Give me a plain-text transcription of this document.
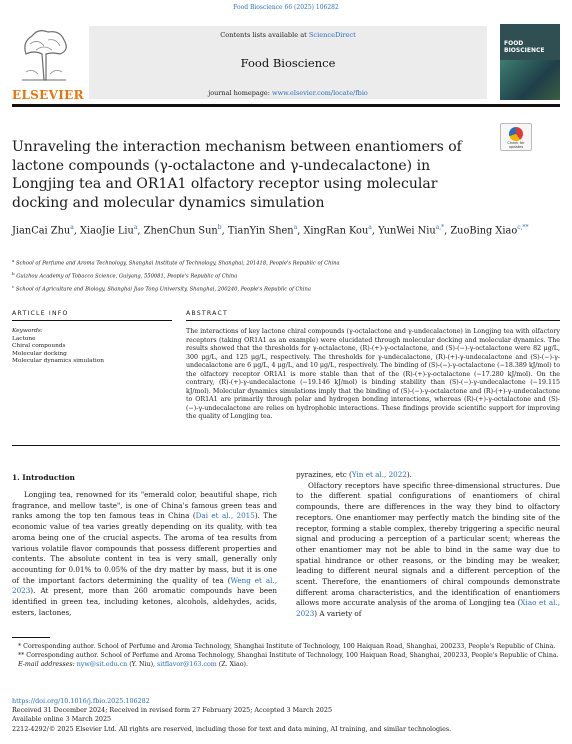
Food Bioscience 66 (2025) 106282
ELSEVIER
Contents lists available at ScienceDirect
Food Bioscience
journal homepage: www.elsevier.com/locate/fbio
FOOD
BIOSCIENCE
Unraveling the interaction mechanism between enantiomers of lactone compounds (γ-octalactone and γ-undecalactone) in Longjing tea and OR1A1 olfactory receptor using molecular docking and molecular dynamics simulation
Check for
updates
JianCai Zhu$^a$, XiaoJie Liu$^a$, ZhenChun Sun$^b$, TianYin Shen$^a$, XingRan Kou$^a$, YunWei Niu$^{a,*}$, ZuoBing Xiao$^{c,**}$
$^a$ School of Perfume and Aroma Technology, Shanghai Institute of Technology, Shanghai, 201418, People's Republic of China
$^b$ Guizhou Academy of Tobacco Science, Guiyang, 550081, People's Republic of China
$^c$ School of Agriculture and Biology, Shanghai Jiao Tong University, Shanghai, 200240, People's Republic of China
ARTICLE INFO	ABSTRACT
Keywords:
Lactone
Chiral compounds
Molecular docking
Molecular dynamics simulation
The interactions of key lactone chiral compounds (γ-octalactone and γ-undecalactone) in Longjing tea with olfactory receptors (taking OR1A1 as an example) were elucidated through molecular docking and molecular dynamics. The results showed that the thresholds for γ-octalactone, (R)-(+)-γ-octalactone, and (S)-(−)-γ-octalactone were 82 μg/L, 300 μg/L, and 125 μg/L, respectively. The thresholds for γ-undecalactone, (R)-(+)-γ-undecalactone and (S)-(−)-γ-undecalactone are 6 μg/L, 4 μg/L, and 10 μg/L, respectively. The binding of (S)-(−)-γ-octalactone (−18.389 kJ/mol) to the olfactory receptor OR1A1 is more stable than that of the (R)-(+)-γ-octalactone (−17.280 kJ/mol). On the contrary, (R)-(+)-γ-undecalactone (−19.146 kJ/mol) is binding stability than (S)-(−)-γ-undecalactone (−19.115 kJ/mol). Molecular dynamics simulations imply that the binding of (S)-(−)-γ-octalactone and (R)-(+)-γ-undecalactone to OR1A1 are primarily through polar and hydrogen bonding interactions, whereas (R)-(+)-γ-octalactone and (S)-(−)-γ-undecalactone are relies on hydrophobic interactions. These findings provide scientific support for improving the quality of Longjing tea.
1. Introduction

Longjing tea, renowned for its "emerald color, beautiful shape, rich fragrance, and mellow taste", is one of China's famous green teas and ranks among the top ten famous teas in China (Dai et al., 2015). The economic value of tea varies greatly depending on its quality, with tea aroma being one of the crucial aspects. The aroma of tea results from various volatile flavor compounds that possess different properties and contents. The absolute content in tea is very small, generally only accounting for 0.01% to 0.05% of the dry matter by mass, but it is one of the important factors determining the quality of tea (Weng et al., 2023). At present, more than 260 aromatic compounds have been identified in green tea, including ketones, alcohols, aldehydes, acids, esters, lactones,

pyrazines, etc (Yin et al., 2022).

Olfactory receptors have specific three-dimensional structures. Due to the different spatial configurations of enantiomers of chiral compounds, there are differences in the way they bind to olfactory receptors. One enantiomer may perfectly match the binding site of the receptor, forming a stable complex, thereby triggering a specific neural signal and producing a perception of a particular scent; whereas the other enantiomer may not be able to bind in the same way due to spatial hindrance or other reasons, or the binding may be weaker, leading to different neural signals and a different perception of the scent. Therefore, the enantiomers of chiral compounds demonstrate different aroma characteristics, and the identification of enantiomers allows more accurate analysis of the aroma of Longjing tea (Xiao et al., 2023) A variety of

* Corresponding author. School of Perfume and Aroma Technology, Shanghai Institute of Technology, 100 Haiquan Road, Shanghai, 200233, People's Republic of China.

** Corresponding author. School of Perfume and Aroma Technology, Shanghai Institute of Technology, 100 Haiquan Road, Shanghai, 200233, People's Republic of China.

E-mail addresses: nyw@sit.edu.cn (Y. Niu), sitflavor@163.com (Z. Xiao).

https://doi.org/10.1016/j.fbio.2025.106282
Received 31 December 2024; Received in revised form 27 February 2025; Accepted 3 March 2025
Available online 3 March 2025
2212-4292/© 2025 Elsevier Ltd. All rights are reserved, including those for text and data mining, AI training, and similar technologies.
